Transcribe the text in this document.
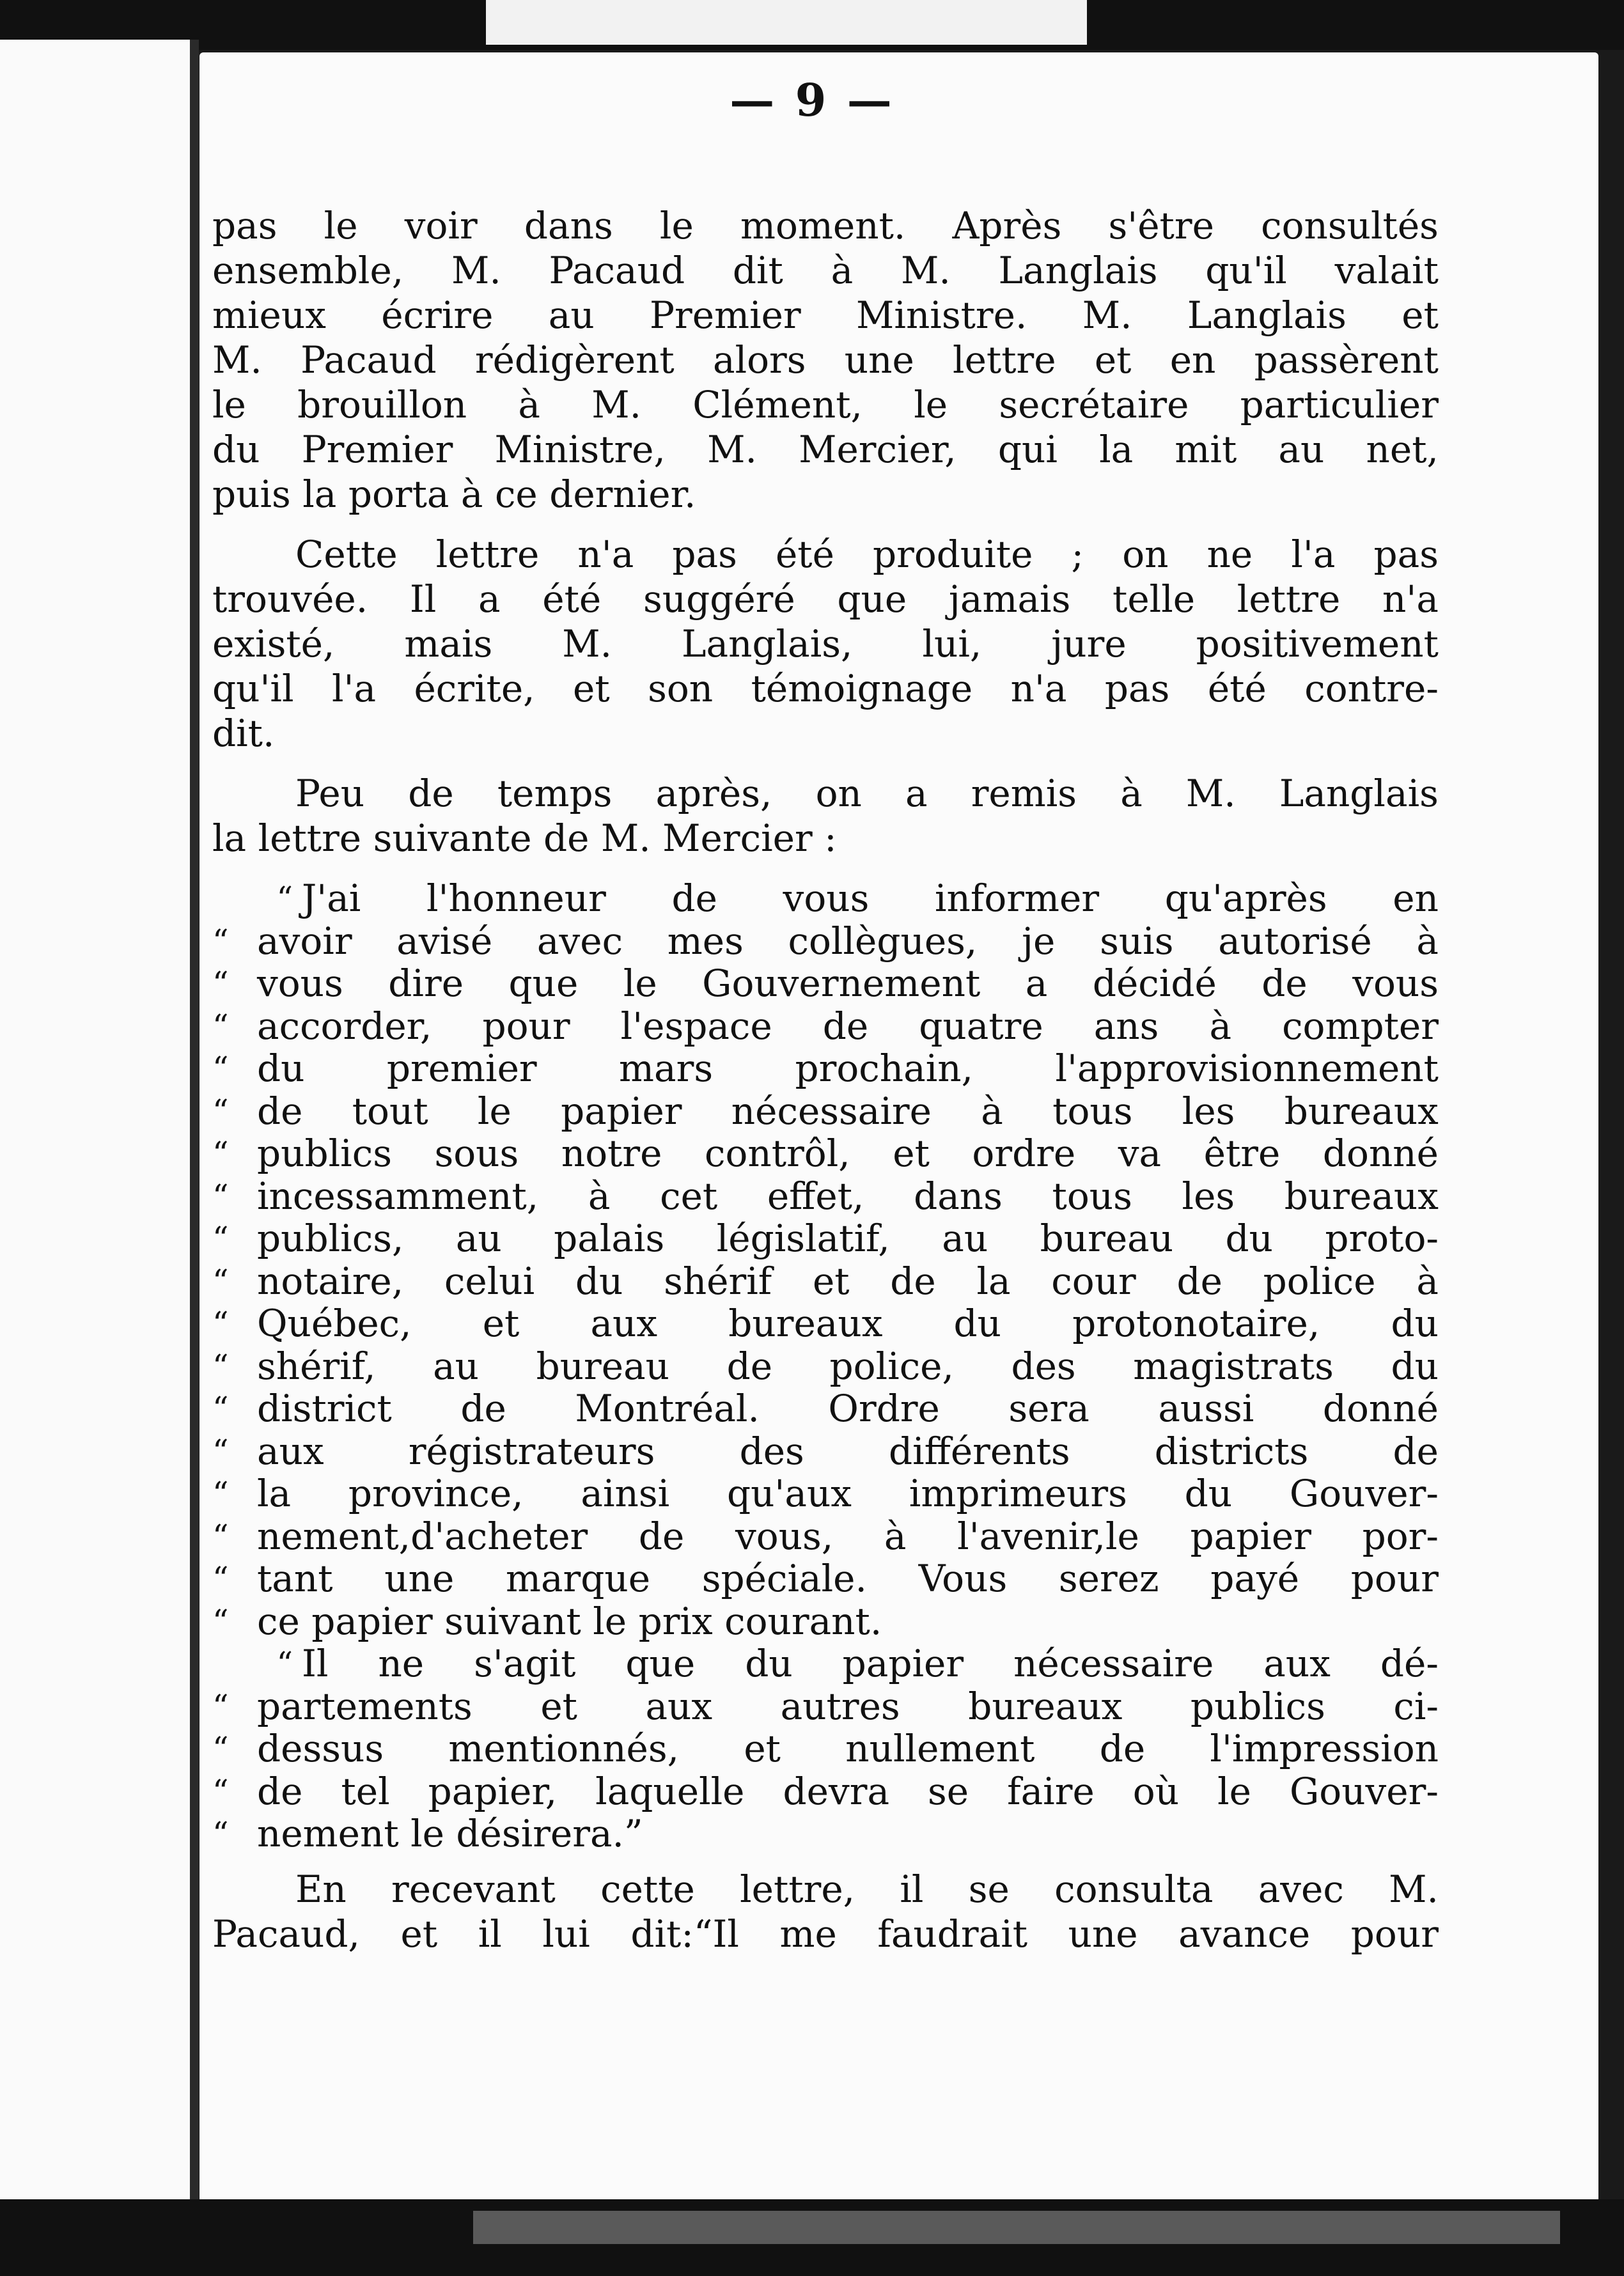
— 9 —
pas le voir dans le moment. Après s'être consultés
ensemble, M. Pacaud dit à M. Langlais qu'il valait
mieux écrire au Premier Ministre. M. Langlais et
M. Pacaud rédigèrent alors une lettre et en passèrent
le brouillon à M. Clément, le secrétaire particulier
du Premier Ministre, M. Mercier, qui la mit au net,
puis la porta à ce dernier.
Cette lettre n'a pas été produite ; on ne l'a pas
trouvée. Il a été suggéré que jamais telle lettre n'a
existé, mais M. Langlais, lui, jure positivement
qu'il l'a écrite, et son témoignage n'a pas été contre-
dit.
Peu de temps après, on a remis à M. Langlais
la lettre suivante de M. Mercier :
“ J'ai l'honneur de vous informer qu'après en
“ avoir avisé avec mes collègues, je suis autorisé à
“ vous dire que le Gouvernement a décidé de vous
“ accorder, pour l'espace de quatre ans à compter
“ du premier mars prochain, l'approvisionnement
“ de tout le papier nécessaire à tous les bureaux
“ publics sous notre contrôl, et ordre va être donné
“ incessamment, à cet effet, dans tous les bureaux
“ publics, au palais législatif, au bureau du proto-
“ notaire, celui du shérif et de la cour de police à
“ Québec, et aux bureaux du protonotaire, du
“ shérif, au bureau de police, des magistrats du
“ district de Montréal. Ordre sera aussi donné
“ aux régistrateurs des différents districts de
“ la province, ainsi qu'aux imprimeurs du Gouver-
“ nement,d'acheter de vous, à l'avenir,le papier por-
“ tant une marque spéciale. Vous serez payé pour
“ ce papier suivant le prix courant.
“ Il ne s'agit que du papier nécessaire aux dé-
“ partements et aux autres bureaux publics ci-
“ dessus mentionnés, et nullement de l'impression
“ de tel papier, laquelle devra se faire où le Gouver-
“ nement le désirera.”
En recevant cette lettre, il se consulta avec M.
Pacaud, et il lui dit:“Il me faudrait une avance pour
